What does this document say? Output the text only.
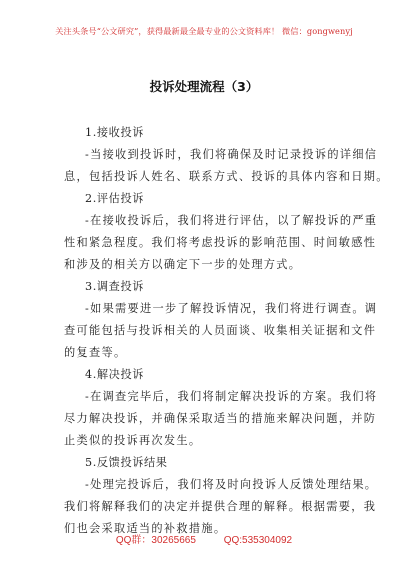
关注头条号“公文研究”，获得最新最全最专业的公文资料库！ 微信：gongwenyj
投诉处理流程（3）
1.接收投诉
-当接收到投诉时，我们将确保及时记录投诉的详细信
息，包括投诉人姓名、联系方式、投诉的具体内容和日期。
2.评估投诉
-在接收投诉后，我们将进行评估，以了解投诉的严重
性和紧急程度。我们将考虑投诉的影响范围、时间敏感性
和涉及的相关方以确定下一步的处理方式。
3.调查投诉
-如果需要进一步了解投诉情况，我们将进行调查。调
查可能包括与投诉相关的人员面谈、收集相关证据和文件
的复查等。
4.解决投诉
-在调查完毕后，我们将制定解决投诉的方案。我们将
尽力解决投诉，并确保采取适当的措施来解决问题，并防
止类似的投诉再次发生。
5.反馈投诉结果
-处理完投诉后，我们将及时向投诉人反馈处理结果。
我们将解释我们的决定并提供合理的解释。根据需要，我
们也会采取适当的补救措施。
QQ群：30265665          QQ:535304092
